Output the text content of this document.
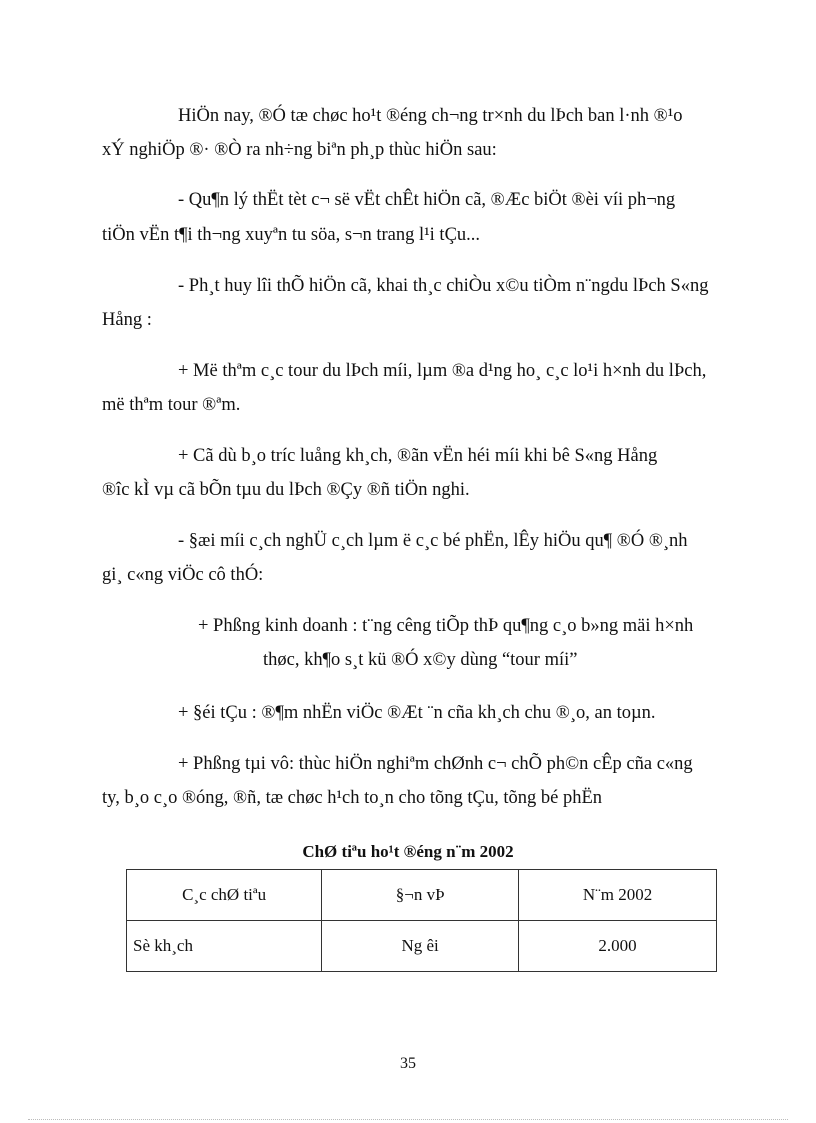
HiÖn nay, ®Ó tæ chøc ho¹t ®éng ch¬ng tr×nh du lÞch ban l·nh ®¹o
xÝ nghiÖp ®· ®Ò ra nh÷ng biªn ph¸p thùc hiÖn sau:
- Qu¶n lý thËt tèt c¬ së vËt chÊt hiÖn cã, ®Æc biÖt ®èi víi ph¬ng
tiÖn vËn t¶i th¬ng xuyªn tu söa, s¬n trang l¹i tÇu...
- Ph¸t huy lîi thÕ hiÖn cã, khai th¸c chiÒu x©u tiÒm n¨ngdu lÞch S«ng
Hång :
+ Më thªm c¸c tour du lÞch míi, lµm ®a d¹ng ho¸ c¸c lo¹i h×nh du lÞch,
më thªm tour ®ªm.
+ Cã dù b¸o tríc luång kh¸ch, ®ãn vËn héi míi khi bê S«ng Hång
®îc kÌ vµ cã bÕn tµu du lÞch ®Çy ®ñ tiÖn nghi.
- §æi míi c¸ch nghÜ c¸ch lµm ë c¸c bé phËn, lÊy hiÖu qu¶ ®Ó ®¸nh
gi¸ c«ng viÖc cô thÓ:
+ Phßng kinh doanh : t¨ng cêng tiÕp thÞ qu¶ng c¸o b»ng mäi h×nh
thøc, kh¶o s¸t kü ®Ó x©y dùng “tour míi”
+ §éi tÇu : ®¶m nhËn viÖc ®Æt ¨n cña kh¸ch chu ®¸o, an toµn.
+ Phßng tµi vô: thùc hiÖn nghiªm chØnh c¬ chÕ ph©n cÊp cña c«ng
ty, b¸o c¸o ®óng, ®ñ, tæ chøc h¹ch to¸n cho tõng tÇu, tõng bé phËn
ChØ tiªu ho¹t ®éng n¨m 2002
C¸c chØ tiªu	§¬n vÞ	N¨m 2002
Sè kh¸ch	Ng êi	2.000
35
